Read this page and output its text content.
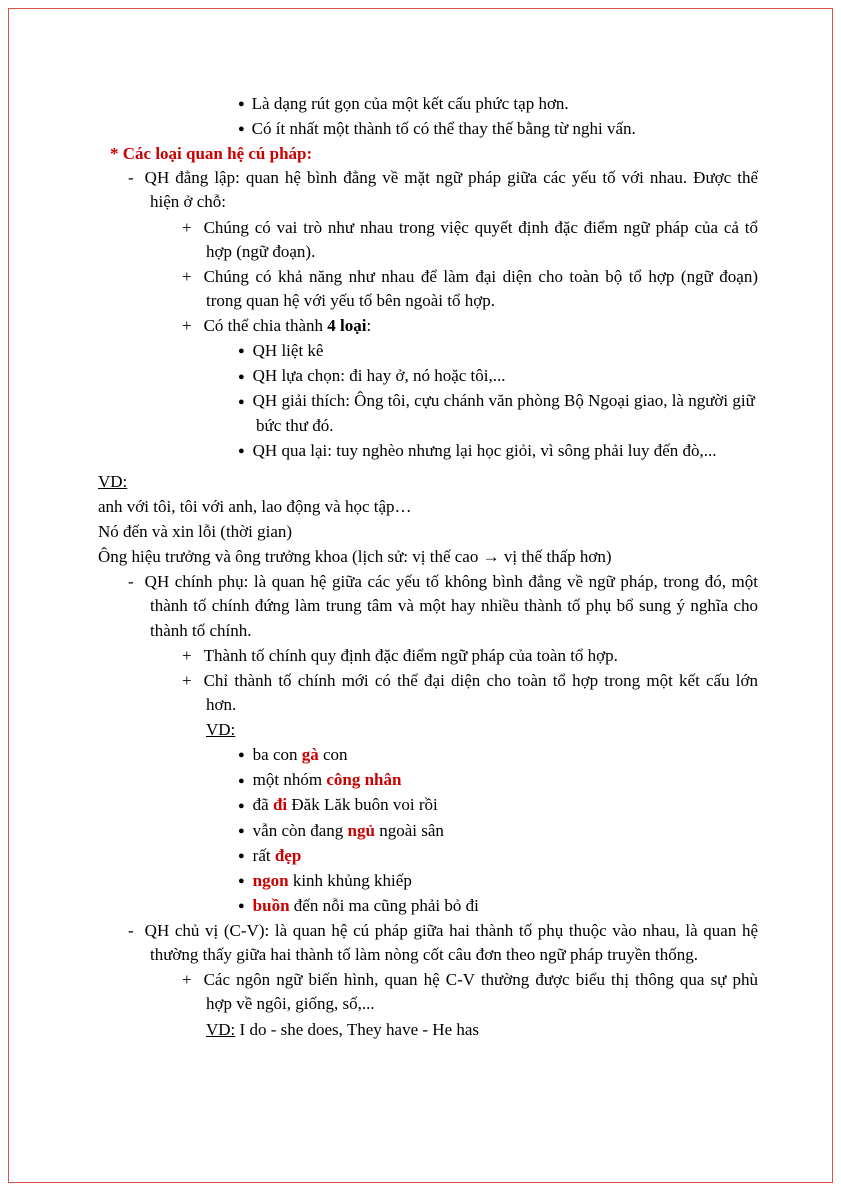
● Là dạng rút gọn của một kết cấu phức tạp hơn.
● Có ít nhất một thành tố có thể thay thế bằng từ nghi vấn.
* Các loại quan hệ cú pháp:
- QH đẳng lập: quan hệ bình đẳng về mặt ngữ pháp giữa các yếu tố với nhau. Được thể hiện ở chỗ:
+ Chúng có vai trò như nhau trong việc quyết định đặc điểm ngữ pháp của cả tổ hợp (ngữ đoạn).
+ Chúng có khả năng như nhau để làm đại diện cho toàn bộ tổ hợp (ngữ đoạn) trong quan hệ với yếu tố bên ngoài tổ hợp.
+ Có thể chia thành 4 loại:
● QH liệt kê
● QH lựa chọn: đi hay ở, nó hoặc tôi,...
● QH giải thích: Ông tôi, cựu chánh văn phòng Bộ Ngoại giao, là người giữ bức thư đó.
● QH qua lại: tuy nghèo nhưng lại học giỏi, vì sông phải luy đến đò,...
VD:
anh với tôi, tôi với anh, lao động và học tập…
Nó đến và xin lỗi (thời gian)
Ông hiệu trưởng và ông trưởng khoa (lịch sử: vị thế cao → vị thế thấp hơn)
- QH chính phụ: là quan hệ giữa các yếu tố không bình đẳng về ngữ pháp, trong đó, một thành tố chính đứng làm trung tâm và một hay nhiều thành tố phụ bổ sung ý nghĩa cho thành tố chính.
+ Thành tố chính quy định đặc điểm ngữ pháp của toàn tổ hợp.
+ Chỉ thành tố chính mới có thể đại diện cho toàn tổ hợp trong một kết cấu lớn hơn.
VD:
● ba con gà con
● một nhóm công nhân
● đã đi Đăk Lăk buôn voi rồi
● vẫn còn đang ngủ ngoài sân
● rất đẹp
● ngon kinh khủng khiếp
● buồn đến nỗi ma cũng phải bỏ đi
- QH chủ vị (C-V): là quan hệ cú pháp giữa hai thành tố phụ thuộc vào nhau, là quan hệ thường thấy giữa hai thành tố làm nòng cốt câu đơn theo ngữ pháp truyền thống.
+ Các ngôn ngữ biến hình, quan hệ C-V thường được biểu thị thông qua sự phù hợp về ngôi, giống, số,...
VD: I do - she does, They have - He has
